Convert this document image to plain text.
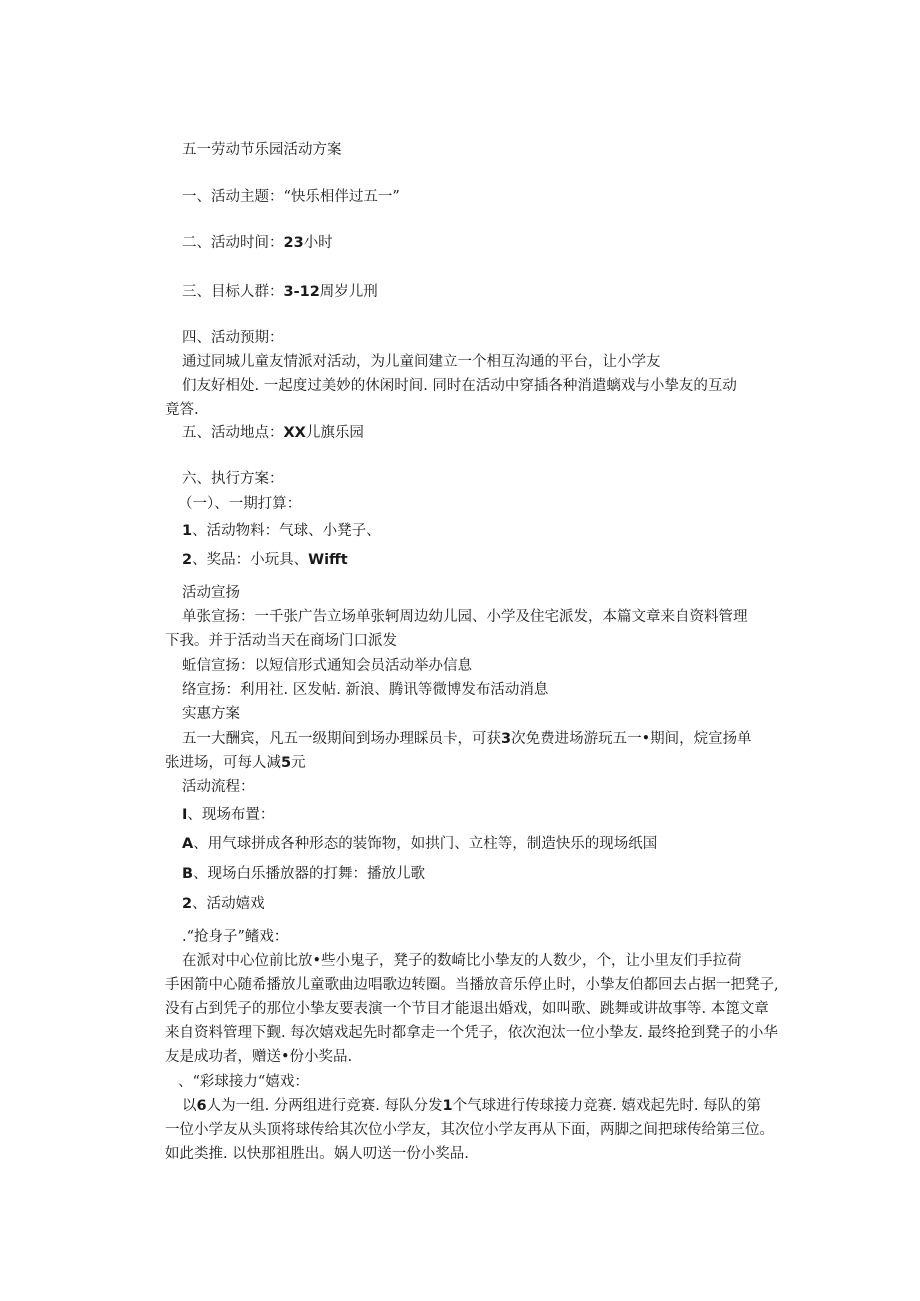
五一劳动节乐园活动方案
一、活动主题：“快乐相伴过五一”
二、活动时间：23小时
三、目标人群：3-12周岁儿刑
四、活动预期：
通过同城儿童友情派对活动，为儿童间建立一个相互沟通的平台，让小学友
们友好相处. 一起度过美妙的休闲时间. 同时在活动中穿插各种消遣螭戏与小挚友的互动
竟答.
五、活动地点：XX儿旗乐园
六、执行方案：
（一）、一期打算：
1、活动物料：气球、小凳子、
2、奖品：小玩具、Wifft
活动宣扬
单张宣扬：一千张广告立场单张轲周边幼儿园、小学及住宅派发，本篇文章来自资料管理
下我。并于活动当天在商场门口派发
蚯信宣扬：以短信形式通知会员活动举办信息
络宣扬：利用社. 区发帖. 新浪、腾讯等微博发布活动消息
实惠方案
五一大酬宾，凡五一级期间到场办理睬员卡，可获3次免费进场游玩五一•期间，烷宣扬单
张进场，可每人减5元
活动流程：
I、现场布置：
A、用气球拼成各种形态的装饰物，如拱门、立柱等，制造快乐的现场纸国
B、现场白乐播放器的打舞：播放儿歌
2、活动嬉戏
.“抢身子”鳍戏：
在派对中心位前比放•些小鬼子，凳子的数崎比小挚友的人数少，个，让小里友们手拉荷
手困箭中心随希播放儿童歌曲边唱歌边转圈。当播放音乐停止时，小挚友伯都回去占据一把凳子,
没有占到凭子的那位小挚友要表演一个节目才能退出婚戏，如叫歌、跳舞或讲故事等. 本箆文章
来自资料管理下觐. 每次嬉戏起先时都拿走一个凭子，依次泡汰一位小挚友. 最终抢到凳子的小华
友是成功者，赠送•份小奖品.
、“彩球接力“嬉戏：
以6人为一组. 分两组进行竞赛. 每队分发1个气球进行传球接力竞赛. 嬉戏起先时. 每队的第
一位小学友从头顶将球传给其次位小学友，其次位小学友再从下面，两脚之间把球传给第三位。
如此类推. 以快那祖胜出。娲人叨送一份小奖品.
